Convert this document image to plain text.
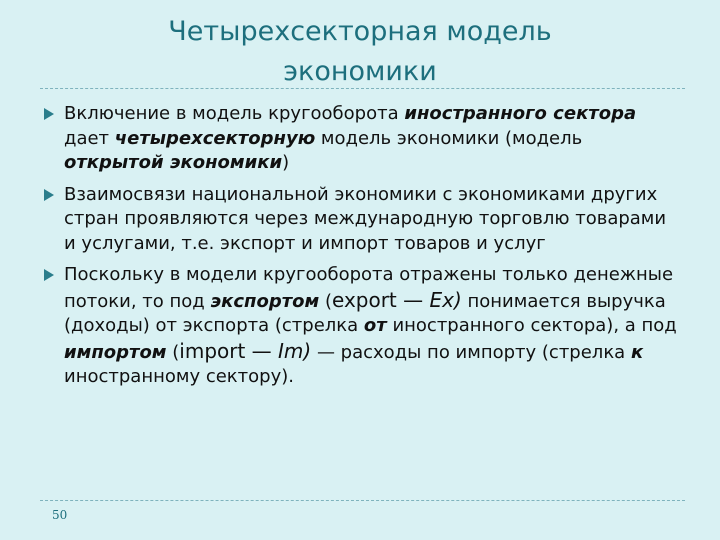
Четырехсекторная модель
экономики
Включение в модель кругооборота иностранного сектора дает четырехсекторную модель экономики (модель открытой экономики)
Взаимосвязи национальной экономики с экономиками других стран проявляются через международную торговлю товарами и услугами, т.е. экспорт и импорт товаров и услуг
Поскольку в модели кругооборота отражены только денежные потоки, то под экспортом (export — Ex) понимается выручка (доходы) от экспорта (стрелка от иностранного сектора), а под импортом (import — Im) — расходы по импорту (стрелка к иностранному сектору).
50
